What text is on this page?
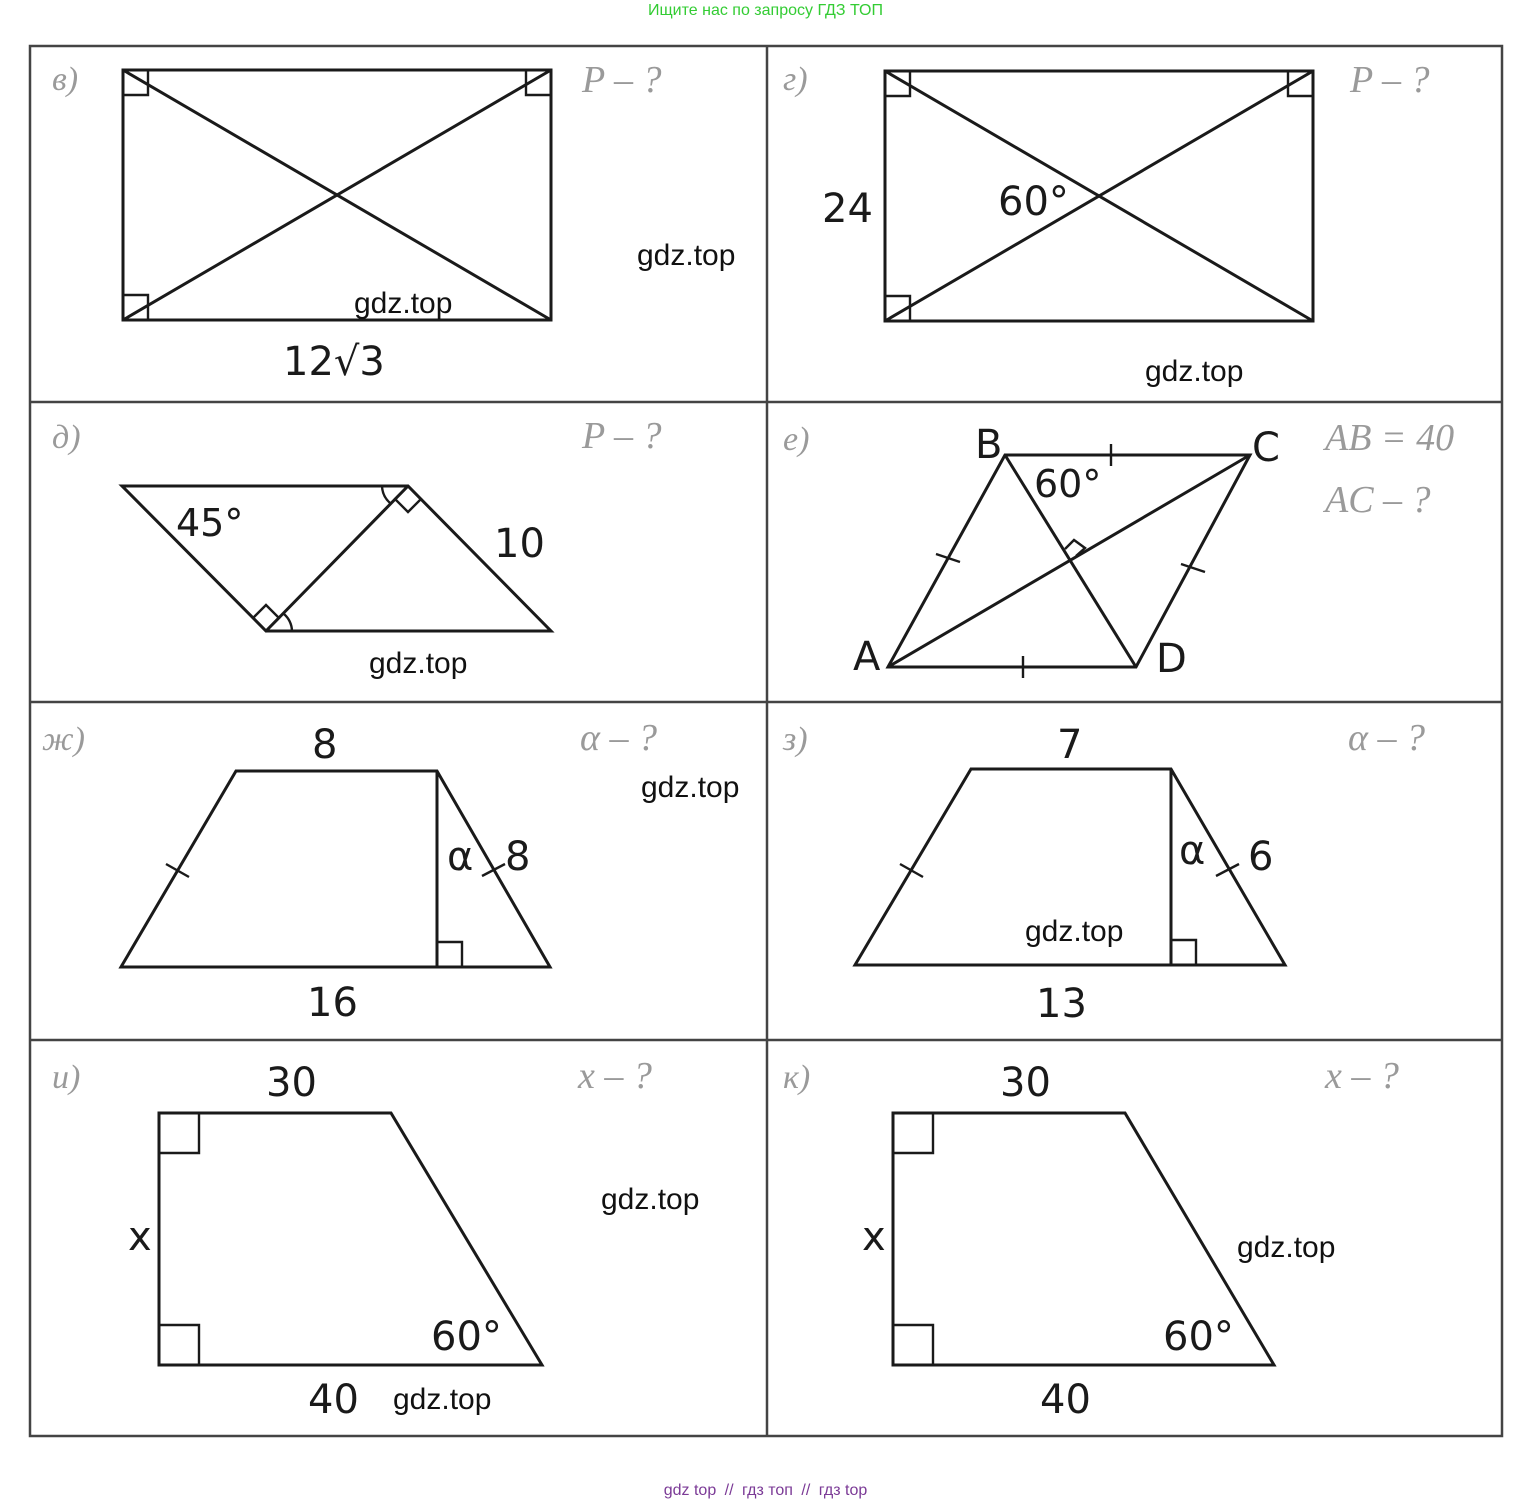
Ищите нас по запросу ГДЗ ТОП
в)	P – ?
12√3
gdz.top
gdz.top
г)	P – ?
24	60°
gdz.top
д)	P – ?
45°	10
gdz.top
е)	AB = 40
AC – ?
B	C
A	D
60°
ж)	α – ?
8
α 8
16
gdz.top
з)	α – ?
7
α 6
13
gdz.top
и)	x – ?
30
x
60°
40 gdz.top
gdz.top
к)	x – ?
30
x
60°
40
gdz.top
gdz top // гдз топ // гдз top
